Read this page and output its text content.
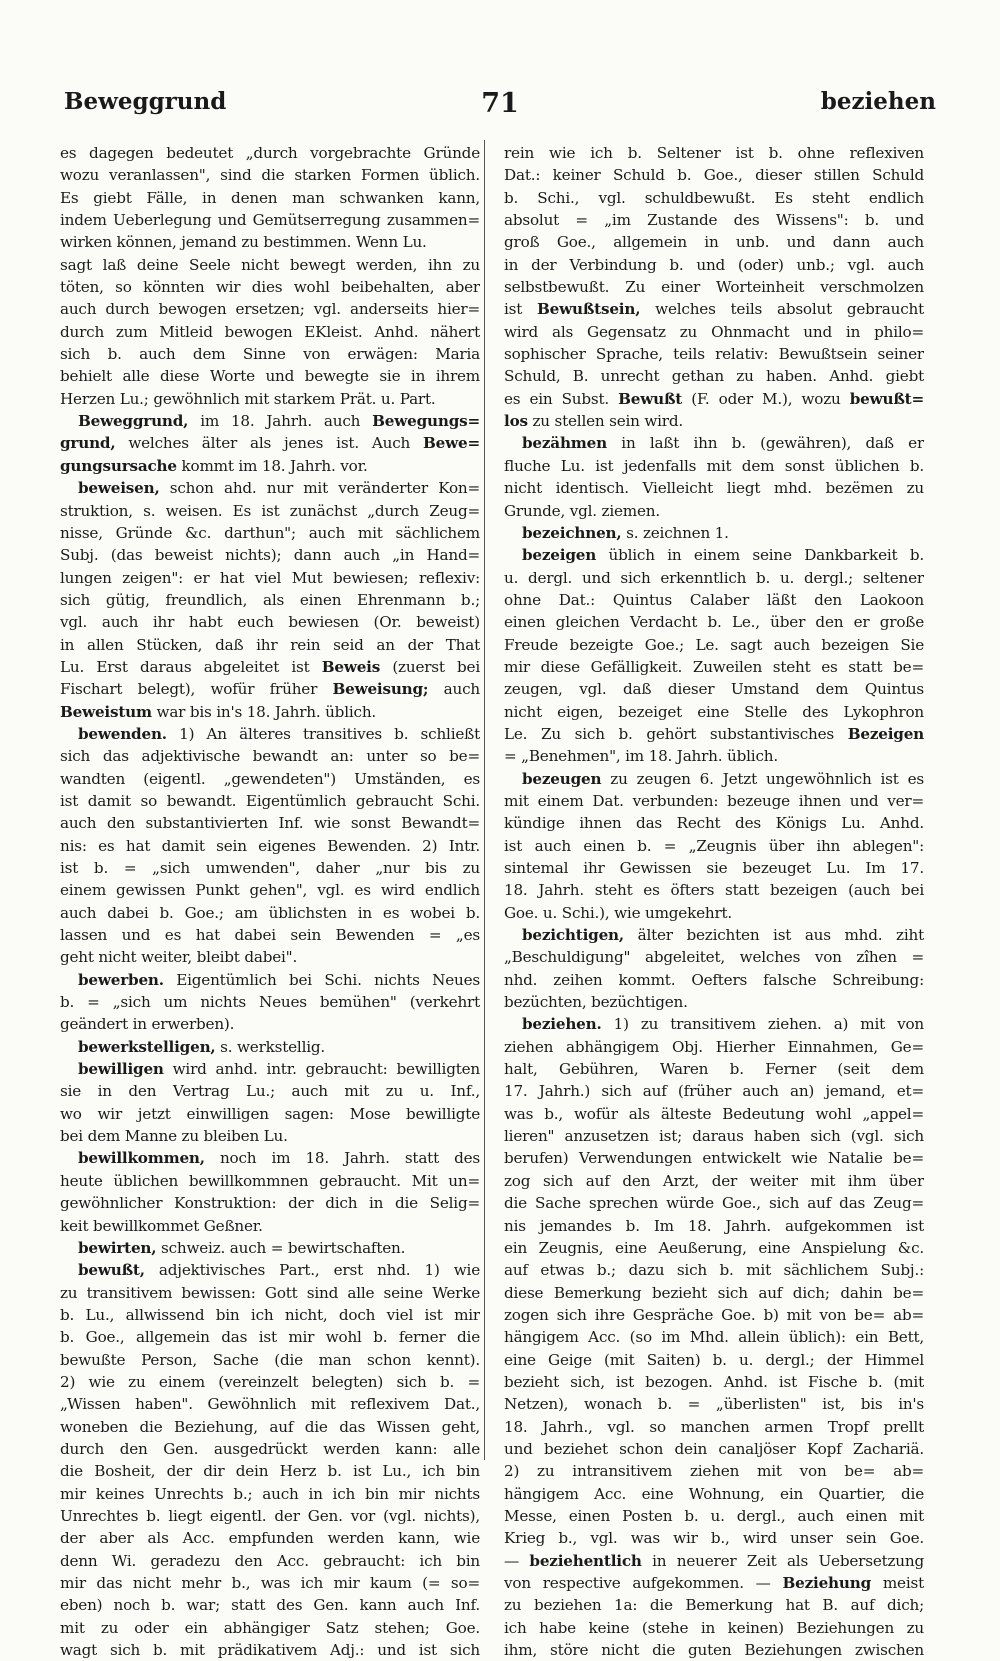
Beweggrund	71	beziehen
es dagegen bedeutet „durch vorgebrachte Gründe
wozu veranlassen", sind die starken Formen üblich.
Es giebt Fälle, in denen man schwanken kann,
indem Ueberlegung und Gemütserregung zusammen=
wirken können, jemand zu bestimmen. Wenn Lu.
sagt laß deine Seele nicht bewegt werden, ihn zu
töten, so könnten wir dies wohl beibehalten, aber
auch durch bewogen ersetzen; vgl. anderseits hier=
durch zum Mitleid bewogen EKleist. Anhd. nähert
sich b. auch dem Sinne von erwägen: Maria
behielt alle diese Worte und bewegte sie in ihrem
Herzen Lu.; gewöhnlich mit starkem Prät. u. Part.
Beweggrund, im 18. Jahrh. auch Bewegungs=
grund, welches älter als jenes ist. Auch Bewe=
gungsursache kommt im 18. Jahrh. vor.
beweisen, schon ahd. nur mit veränderter Kon=
struktion, s. weisen. Es ist zunächst „durch Zeug=
nisse, Gründe &c. darthun"; auch mit sächlichem
Subj. (das beweist nichts); dann auch „in Hand=
lungen zeigen": er hat viel Mut bewiesen; reflexiv:
sich gütig, freundlich, als einen Ehrenmann b.;
vgl. auch ihr habt euch bewiesen (Or. beweist)
in allen Stücken, daß ihr rein seid an der That
Lu. Erst daraus abgeleitet ist Beweis (zuerst bei
Fischart belegt), wofür früher Beweisung; auch
Beweistum war bis in's 18. Jahrh. üblich.
bewenden. 1) An älteres transitives b. schließt
sich das adjektivische bewandt an: unter so be=
wandten (eigentl. „gewendeten") Umständen, es
ist damit so bewandt. Eigentümlich gebraucht Schi.
auch den substantivierten Inf. wie sonst Bewandt=
nis: es hat damit sein eigenes Bewenden. 2) Intr.
ist b. = „sich umwenden", daher „nur bis zu
einem gewissen Punkt gehen", vgl. es wird endlich
auch dabei b. Goe.; am üblichsten in es wobei b.
lassen und es hat dabei sein Bewenden = „es
geht nicht weiter, bleibt dabei".
bewerben. Eigentümlich bei Schi. nichts Neues
b. = „sich um nichts Neues bemühen" (verkehrt
geändert in erwerben).
bewerkstelligen, s. werkstellig.
bewilligen wird anhd. intr. gebraucht: bewilligten
sie in den Vertrag Lu.; auch mit zu u. Inf.,
wo wir jetzt einwilligen sagen: Mose bewilligte
bei dem Manne zu bleiben Lu.
bewillkommen, noch im 18. Jahrh. statt des
heute üblichen bewillkommnen gebraucht. Mit un=
gewöhnlicher Konstruktion: der dich in die Selig=
keit bewillkommet Geßner.
bewirten, schweiz. auch = bewirtschaften.
bewußt, adjektivisches Part., erst nhd. 1) wie
zu transitivem bewissen: Gott sind alle seine Werke
b. Lu., allwissend bin ich nicht, doch viel ist mir
b. Goe., allgemein das ist mir wohl b. ferner die
bewußte Person, Sache (die man schon kennt).
2) wie zu einem (vereinzelt belegten) sich b. =
„Wissen haben". Gewöhnlich mit reflexivem Dat.,
woneben die Beziehung, auf die das Wissen geht,
durch den Gen. ausgedrückt werden kann: alle
die Bosheit, der dir dein Herz b. ist Lu., ich bin
mir keines Unrechts b.; auch in ich bin mir nichts
Unrechtes b. liegt eigentl. der Gen. vor (vgl. nichts),
der aber als Acc. empfunden werden kann, wie
denn Wi. geradezu den Acc. gebraucht: ich bin
mir das nicht mehr b., was ich mir kaum (= so=
eben) noch b. war; statt des Gen. kann auch Inf.
mit zu oder ein abhängiger Satz stehen; Goe.
wagt sich b. mit prädikativem Adj.: und ist sich
rein wie ich b. Seltener ist b. ohne reflexiven
Dat.: keiner Schuld b. Goe., dieser stillen Schuld
b. Schi., vgl. schuldbewußt. Es steht endlich
absolut = „im Zustande des Wissens": b. und
groß Goe., allgemein in unb. und dann auch
in der Verbindung b. und (oder) unb.; vgl. auch
selbstbewußt. Zu einer Worteinheit verschmolzen
ist Bewußtsein, welches teils absolut gebraucht
wird als Gegensatz zu Ohnmacht und in philo=
sophischer Sprache, teils relativ: Bewußtsein seiner
Schuld, B. unrecht gethan zu haben. Anhd. giebt
es ein Subst. Bewußt (F. oder M.), wozu bewußt=
los zu stellen sein wird.
bezähmen in laßt ihn b. (gewähren), daß er
fluche Lu. ist jedenfalls mit dem sonst üblichen b.
nicht identisch. Vielleicht liegt mhd. bezëmen zu
Grunde, vgl. ziemen.
bezeichnen, s. zeichnen 1.
bezeigen üblich in einem seine Dankbarkeit b.
u. dergl. und sich erkenntlich b. u. dergl.; seltener
ohne Dat.: Quintus Calaber läßt den Laokoon
einen gleichen Verdacht b. Le., über den er große
Freude bezeigte Goe.; Le. sagt auch bezeigen Sie
mir diese Gefälligkeit. Zuweilen steht es statt be=
zeugen, vgl. daß dieser Umstand dem Quintus
nicht eigen, bezeiget eine Stelle des Lykophron
Le. Zu sich b. gehört substantivisches Bezeigen
= „Benehmen", im 18. Jahrh. üblich.
bezeugen zu zeugen 6. Jetzt ungewöhnlich ist es
mit einem Dat. verbunden: bezeuge ihnen und ver=
kündige ihnen das Recht des Königs Lu. Anhd.
ist auch einen b. = „Zeugnis über ihn ablegen":
sintemal ihr Gewissen sie bezeuget Lu. Im 17.
18. Jahrh. steht es öfters statt bezeigen (auch bei
Goe. u. Schi.), wie umgekehrt.
bezichtigen, älter bezichten ist aus mhd. ziht
„Beschuldigung" abgeleitet, welches von zîhen =
nhd. zeihen kommt. Oefters falsche Schreibung:
bezüchten, bezüchtigen.
beziehen. 1) zu transitivem ziehen. a) mit von
ziehen abhängigem Obj. Hierher Einnahmen, Ge=
halt, Gebühren, Waren b. Ferner (seit dem
17. Jahrh.) sich auf (früher auch an) jemand, et=
was b., wofür als älteste Bedeutung wohl „appel=
lieren" anzusetzen ist; daraus haben sich (vgl. sich
berufen) Verwendungen entwickelt wie Natalie be=
zog sich auf den Arzt, der weiter mit ihm über
die Sache sprechen würde Goe., sich auf das Zeug=
nis jemandes b. Im 18. Jahrh. aufgekommen ist
ein Zeugnis, eine Aeußerung, eine Anspielung &c.
auf etwas b.; dazu sich b. mit sächlichem Subj.:
diese Bemerkung bezieht sich auf dich; dahin be=
zogen sich ihre Gespräche Goe. b) mit von be= ab=
hängigem Acc. (so im Mhd. allein üblich): ein Bett,
eine Geige (mit Saiten) b. u. dergl.; der Himmel
bezieht sich, ist bezogen. Anhd. ist Fische b. (mit
Netzen), wonach b. = „überlisten" ist, bis in's
18. Jahrh., vgl. so manchen armen Tropf prellt
und beziehet schon dein canaljöser Kopf Zachariä.
2) zu intransitivem ziehen mit von be= ab=
hängigem Acc. eine Wohnung, ein Quartier, die
Messe, einen Posten b. u. dergl., auch einen mit
Krieg b., vgl. was wir b., wird unser sein Goe.
— beziehentlich in neuerer Zeit als Uebersetzung
von respective aufgekommen. — Beziehung meist
zu beziehen 1a: die Bemerkung hat B. auf dich;
ich habe keine (stehe in keinen) Beziehungen zu
ihm, störe nicht die guten Beziehungen zwischen
